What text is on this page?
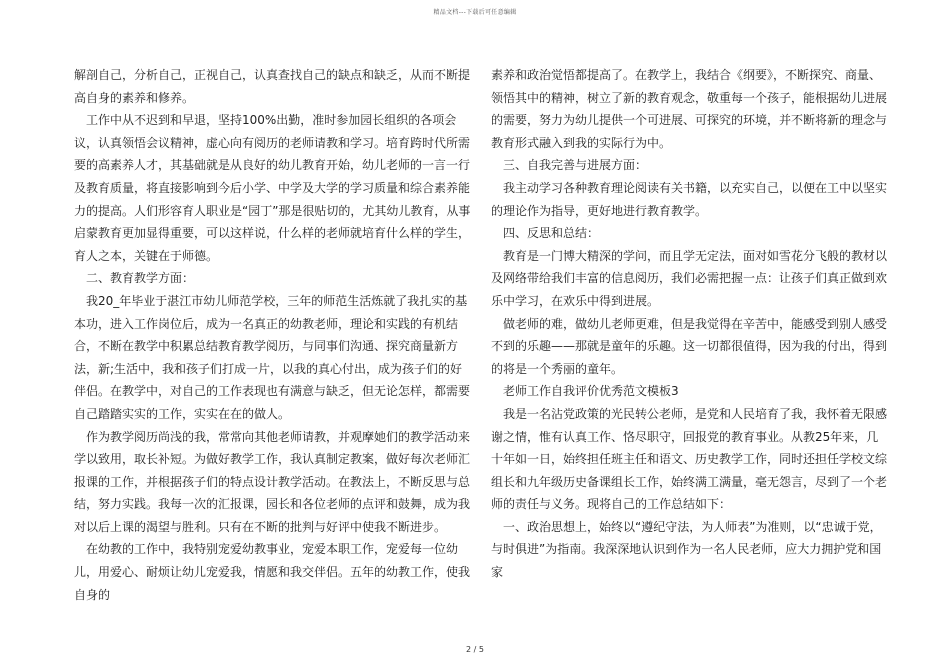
精品文档---下载后可任意编辑

解剖自己，分析自己，正视自己，认真查找自己的缺点和缺乏，从而不断提高自身的素养和修养。

工作中从不迟到和早退，坚持100%出勤，准时参加园长组织的各项会议，认真领悟会议精神，虚心向有阅历的老师请教和学习。培育跨时代所需要的高素养人才，其基础就是从良好的幼儿教育开始，幼儿老师的一言一行及教育质量，将直接影响到今后小学、中学及大学的学习质量和综合素养能力的提高。人们形容育人职业是“园丁”那是很贴切的，尤其幼儿教育，从事启蒙教育更加显得重要，可以这样说，什么样的老师就培育什么样的学生，育人之本，关键在于师德。

二、教育教学方面：

我20_年毕业于湛江市幼儿师范学校，三年的师范生活炼就了我扎实的基本功，进入工作岗位后，成为一名真正的幼教老师，理论和实践的有机结合，不断在教学中积累总结教育教学阅历，与同事们沟通、探究商量新方法，新;生活中，我和孩子们打成一片，以我的真心付出，成为孩子们的好伴侣。在教学中，对自己的工作表现也有满意与缺乏，但无论怎样，都需要自己踏踏实实的工作，实实在在的做人。

作为教学阅历尚浅的我，常常向其他老师请教，并观摩她们的教学活动来学以致用，取长补短。为做好教学工作，我认真制定教案，做好每次老师汇报课的工作，并根据孩子们的特点设计教学活动。在教法上，不断反思与总结，努力实践。我每一次的汇报课，园长和各位老师的点评和鼓舞，成为我对以后上课的渴望与胜利。只有在不断的批判与好评中使我不断进步。

在幼教的工作中，我特别宠爱幼教事业，宠爱本职工作，宠爱每一位幼儿，用爱心、耐烦让幼儿宠爱我，情愿和我交伴侣。五年的幼教工作，使我自身的

素养和政治觉悟都提高了。在教学上，我结合《纲要》，不断探究、商量、领悟其中的精神，树立了新的教育观念，敬重每一个孩子，能根据幼儿进展的需要，努力为幼儿提供一个可进展、可探究的环境，并不断将新的理念与教育形式融入到我的实际行为中。

三、自我完善与进展方面：

我主动学习各种教育理论阅读有关书籍，以充实自己，以便在工中以坚实的理论作为指导，更好地进行教育教学。

四、反思和总结：

教育是一门博大精深的学问，而且学无定法，面对如雪花分飞般的教材以及网络带给我们丰富的信息阅历，我们必需把握一点：让孩子们真正做到欢乐中学习，在欢乐中得到进展。

做老师的难，做幼儿老师更难，但是我觉得在辛苦中，能感受到别人感受不到的乐趣——那就是童年的乐趣。这一切都很值得，因为我的付出，得到的将是一个秀丽的童年。

老师工作自我评价优秀范文模板3

我是一名沾党政策的光民转公老师，是党和人民培育了我，我怀着无限感谢之情，惟有认真工作、恪尽职守，回报党的教育事业。从教25年来，几十年如一日，始终担任班主任和语文、历史教学工作，同时还担任学校文综组长和九年级历史备课组长工作，始终满工满量，毫无怨言，尽到了一个老师的责任与义务。现将自己的工作总结如下：

一、政治思想上，始终以“遵纪守法，为人师表”为准则，以“忠诚于党，与时俱进”为指南。我深深地认识到作为一名人民老师，应大力拥护党和国家

2 / 5
